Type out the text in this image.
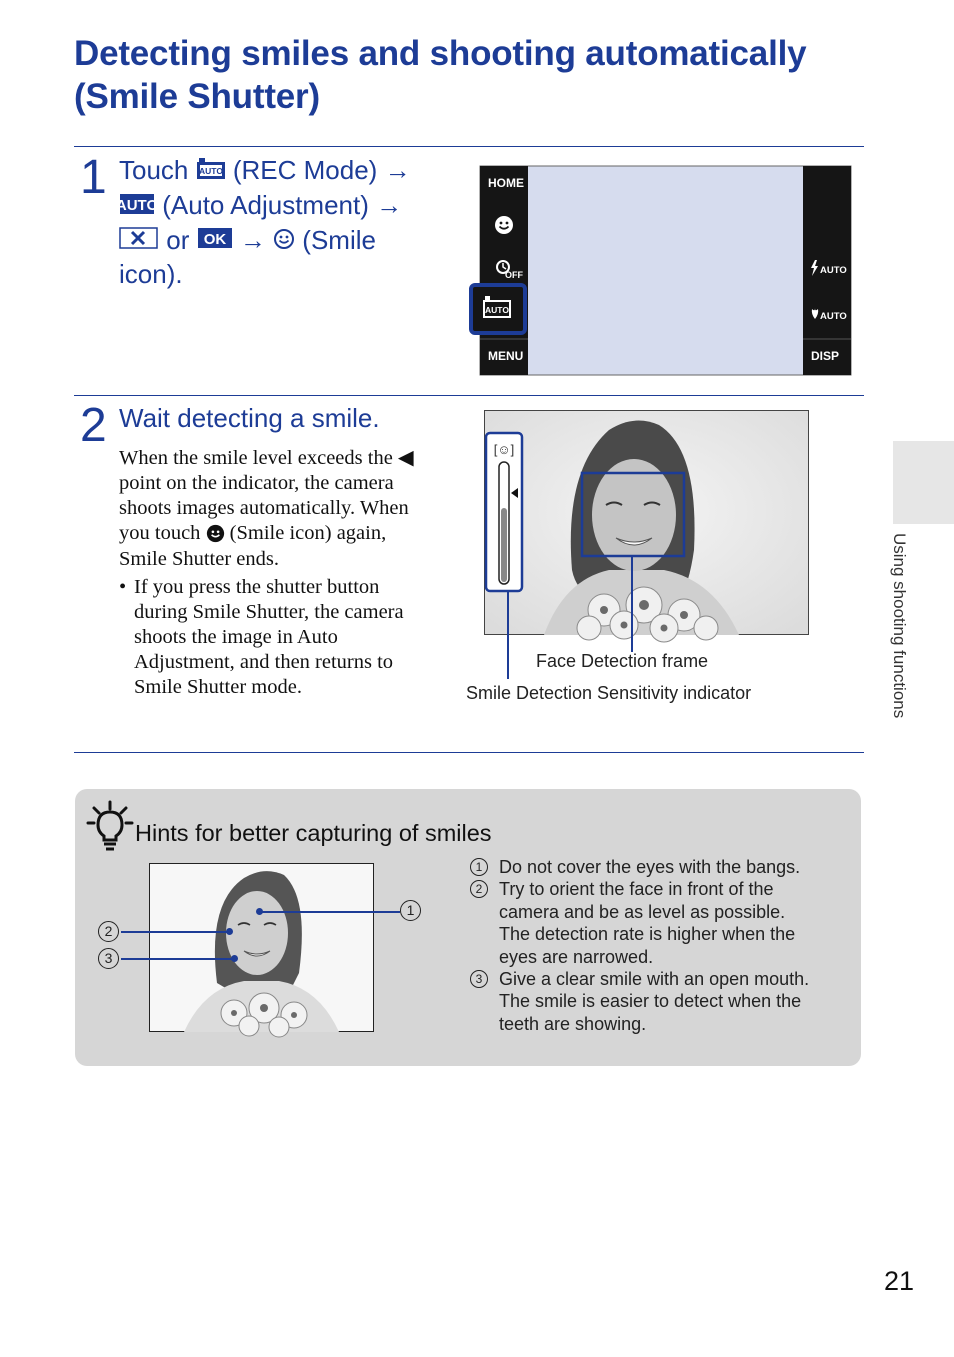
Detecting smiles and shooting automatically
(Smile Shutter)
1 Touch AUTO (REC Mode) →
AUTO (Auto Adjustment) →
or OK → (Smile
icon).
HOME
OFF
AUTO
MENU
AUTO
AUTO
DISP
2 Wait detecting a smile.
When the smile level exceeds the ◀
point on the indicator, the camera
shoots images automatically. When
you touch (Smile icon) again,
Smile Shutter ends.
• If you press the shutter button
during Smile Shutter, the camera
shoots the image in Auto
Adjustment, and then returns to
Smile Shutter mode.
[☺]
Face Detection frame
Smile Detection Sensitivity indicator	Using shooting functions
Hints for better capturing of smiles
1
2
3
1 Do not cover the eyes with the bangs.
2 Try to orient the face in front of the
camera and be as level as possible.
The detection rate is higher when the
eyes are narrowed.
3 Give a clear smile with an open mouth.
The smile is easier to detect when the
teeth are showing.
21
